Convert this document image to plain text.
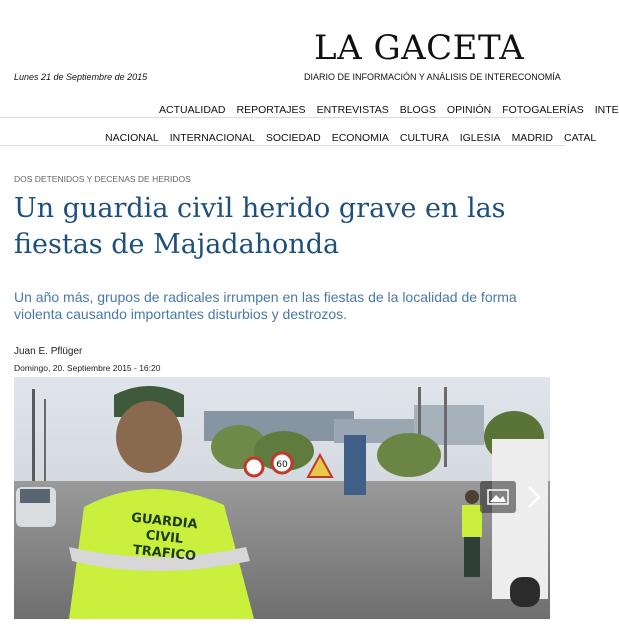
LA GACETA
Lunes 21 de Septiembre de 2015	DIARIO DE INFORMACIÓN Y ANÁLISIS DE INTERECONOMÍA
ACTUALIDAD REPORTAJES ENTREVISTAS BLOGS OPINIÓN FOTOGALERÍAS INTE
NACIONAL INTERNACIONAL SOCIEDAD ECONOMIA CULTURA IGLESIA MADRID CATAL
DOS DETENIDOS Y DECENAS DE HERIDOS
Un guardia civil herido grave en las fiestas de Majadahonda

Un año más, grupos de radicales irrumpen en las fiestas de la localidad de forma violenta causando importantes disturbios y destrozos.

Juan E. Pflüger
Domingo, 20. Septiembre 2015 - 16:20
60
GUARDIA
CIVIL
TRAFICO
